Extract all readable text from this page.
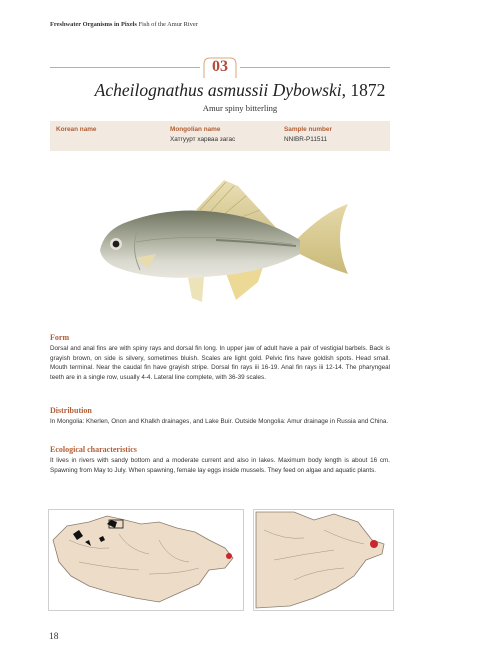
Freshwater Organisms in Pixels Fish of the Amur River
03
Acheilognathus asmussii Dybowski, 1872
Amur spiny bitterling
Korean name	Mongolian name
Хатгуурт харваа загас
Sample number
NNIBR-P11511

Form

Dorsal and anal fins are with spiny rays and dorsal fin long. In upper jaw of adult have a pair of vestigial barbels. Back is grayish brown, on side is silvery, sometimes bluish. Scales are light gold. Pelvic fins have goldish spots. Head small. Mouth terminal. Near the caudal fin have grayish stripe. Dorsal fin rays iii 16-19. Anal fin rays iii 12-14. The pharyngeal teeth are in a single row, usually 4-4. Lateral line complete, with 36-39 scales.

Distribution

In Mongolia: Kherlen, Onon and Khalkh drainages, and Lake Buir. Outside Mongolia: Amur drainage in Russia and China.

Ecological characteristics

It lives in rivers with sandy bottom and a moderate current and also in lakes. Maximum body length is about 16 cm. Spawning from May to July. When spawning, female lay eggs inside mussels. They feed on algae and aquatic plants.

18
